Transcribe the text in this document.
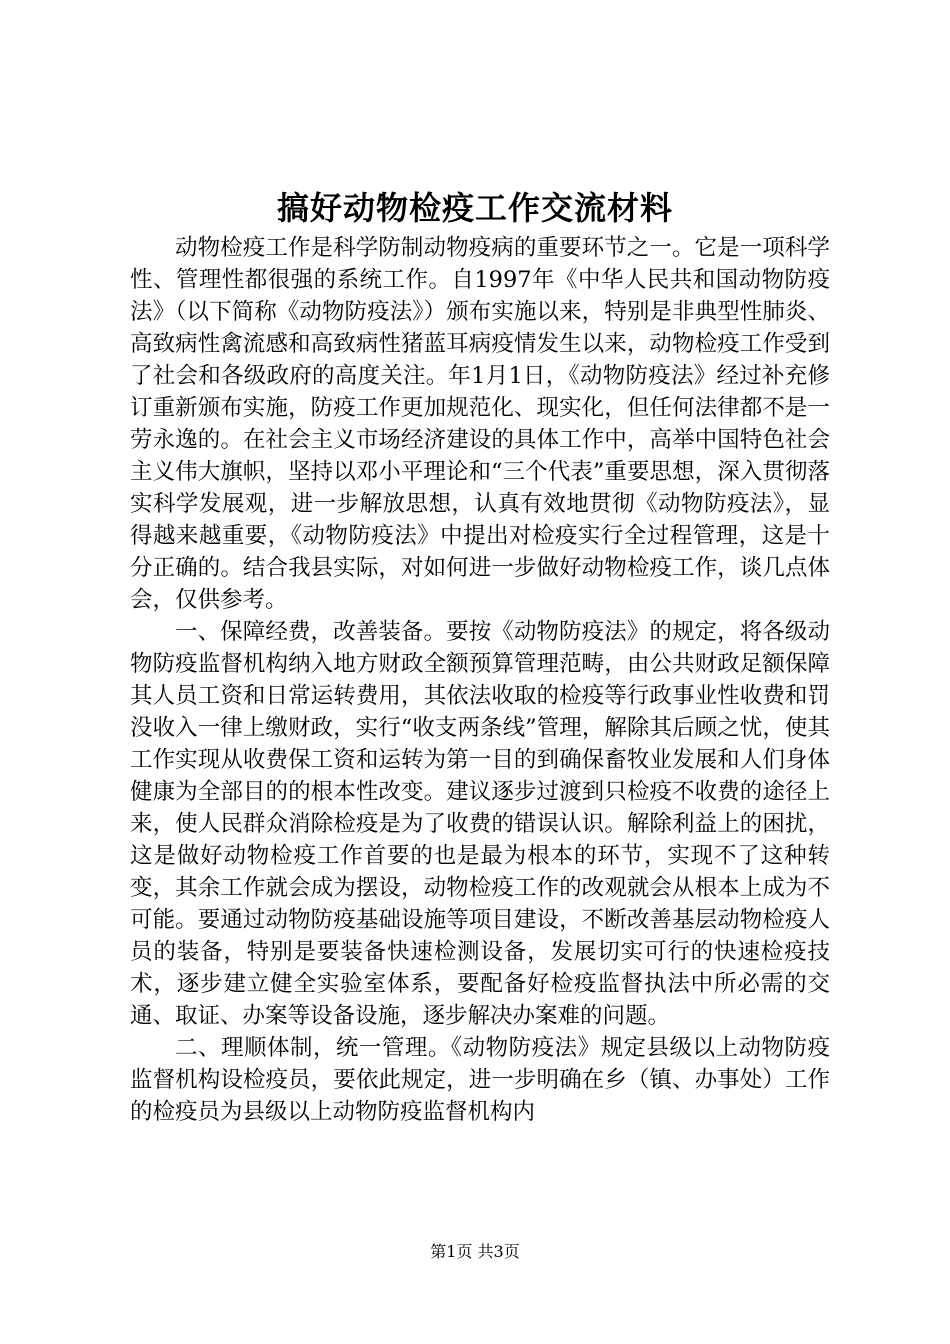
搞好动物检疫工作交流材料

动物检疫工作是科学防制动物疫病的重要环节之一。它是一项科学性、管理性都很强的系统工作。自1997年《中华人民共和国动物防疫法》（以下简称《动物防疫法》）颁布实施以来，特别是非典型性肺炎、高致病性禽流感和高致病性猪蓝耳病疫情发生以来，动物检疫工作受到了社会和各级政府的高度关注。年1月1日，《动物防疫法》经过补充修订重新颁布实施，防疫工作更加规范化、现实化，但任何法律都不是一劳永逸的。在社会主义市场经济建设的具体工作中，高举中国特色社会主义伟大旗帜，坚持以邓小平理论和“三个代表”重要思想，深入贯彻落实科学发展观，进一步解放思想，认真有效地贯彻《动物防疫法》，显得越来越重要，《动物防疫法》中提出对检疫实行全过程管理，这是十分正确的。结合我县实际，对如何进一步做好动物检疫工作，谈几点体会，仅供参考。

一、保障经费，改善装备。要按《动物防疫法》的规定，将各级动物防疫监督机构纳入地方财政全额预算管理范畴，由公共财政足额保障其人员工资和日常运转费用，其依法收取的检疫等行政事业性收费和罚没收入一律上缴财政，实行“收支两条线”管理，解除其后顾之忧，使其工作实现从收费保工资和运转为第一目的到确保畜牧业发展和人们身体健康为全部目的的根本性改变。建议逐步过渡到只检疫不收费的途径上来，使人民群众消除检疫是为了收费的错误认识。解除利益上的困扰，这是做好动物检疫工作首要的也是最为根本的环节，实现不了这种转变，其余工作就会成为摆设，动物检疫工作的改观就会从根本上成为不可能。要通过动物防疫基础设施等项目建设，不断改善基层动物检疫人员的装备，特别是要装备快速检测设备，发展切实可行的快速检疫技术，逐步建立健全实验室体系，要配备好检疫监督执法中所必需的交通、取证、办案等设备设施，逐步解决办案难的问题。

二、理顺体制，统一管理。《动物防疫法》规定县级以上动物防疫监督机构设检疫员，要依此规定，进一步明确在乡（镇、办事处）工作的检疫员为县级以上动物防疫监督机构内

第1页 共3页
